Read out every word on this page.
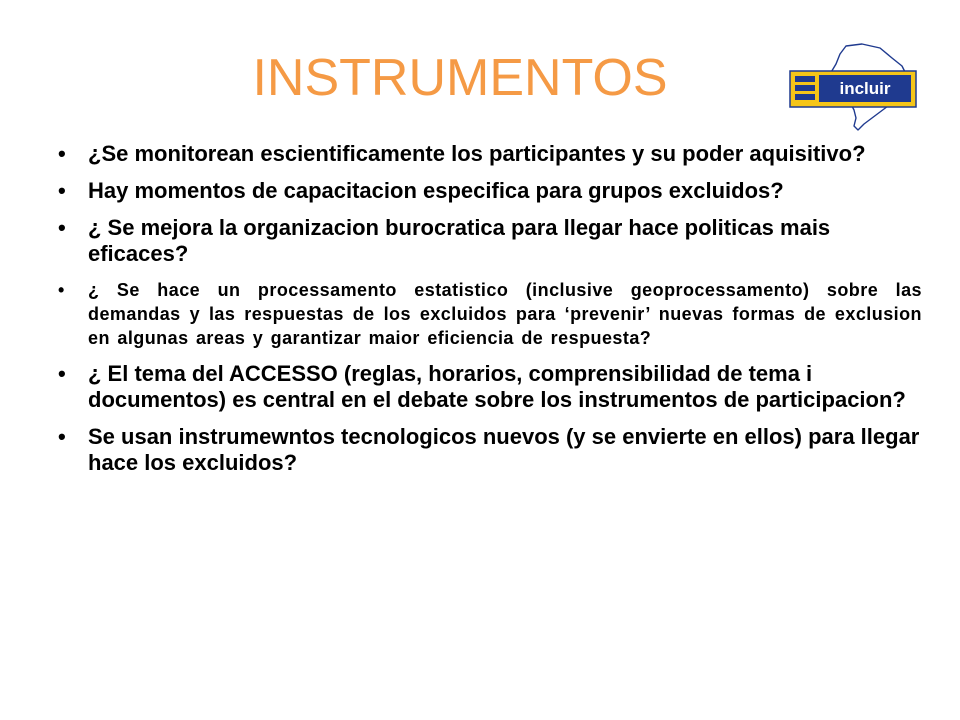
INSTRUMENTOS	incluir
• ¿Se monitorean escientificamente los participantes y su poder aquisitivo?
• Hay momentos de capacitacion especifica para grupos excluidos?
• ¿ Se mejora la organizacion burocratica para llegar hace politicas mais eficaces?
• ¿ Se hace un processamento estatistico (inclusive geoprocessamento) sobre las demandas y las respuestas de los excluidos para ‘prevenir’ nuevas formas de exclusion en algunas areas y garantizar maior eficiencia de respuesta?
• ¿ El tema del ACCESSO (reglas, horarios, comprensibilidad de tema i documentos) es central en el debate sobre los instrumentos de participacion?
• Se usan instrumewntos tecnologicos nuevos (y se envierte en ellos) para llegar hace los excluidos?
